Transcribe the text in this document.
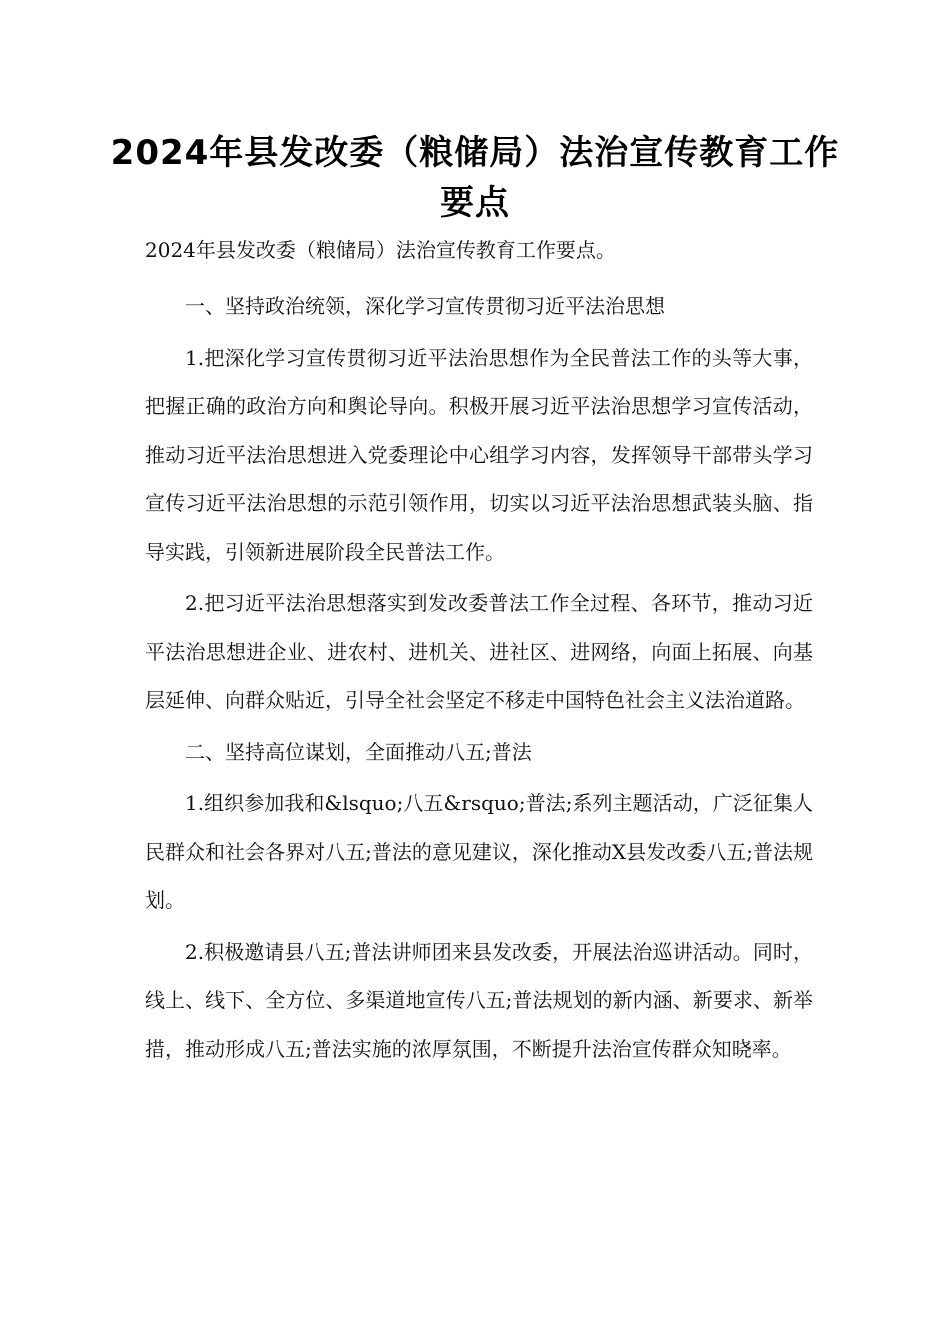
2024年县发改委（粮储局）法治宣传教育工作要点

2024年县发改委（粮储局）法治宣传教育工作要点。

一、坚持政治统领，深化学习宣传贯彻习近平法治思想

1.把深化学习宣传贯彻习近平法治思想作为全民普法工作的头等大事，把握正确的政治方向和舆论导向。积极开展习近平法治思想学习宣传活动，推动习近平法治思想进入党委理论中心组学习内容，发挥领导干部带头学习宣传习近平法治思想的示范引领作用，切实以习近平法治思想武装头脑、指导实践，引领新进展阶段全民普法工作。

2.把习近平法治思想落实到发改委普法工作全过程、各环节，推动习近平法治思想进企业、进农村、进机关、进社区、进网络，向面上拓展、向基层延伸、向群众贴近，引导全社会坚定不移走中国特色社会主义法治道路。

二、坚持高位谋划，全面推动八五;普法

1.组织参加我和&lsquo;八五&rsquo;普法;系列主题活动，广泛征集人民群众和社会各界对八五;普法的意见建议，深化推动X县发改委八五;普法规划。

2.积极邀请县八五;普法讲师团来县发改委，开展法治巡讲活动。同时，线上、线下、全方位、多渠道地宣传八五;普法规划的新内涵、新要求、新举措，推动形成八五;普法实施的浓厚氛围，不断提升法治宣传群众知晓率。
